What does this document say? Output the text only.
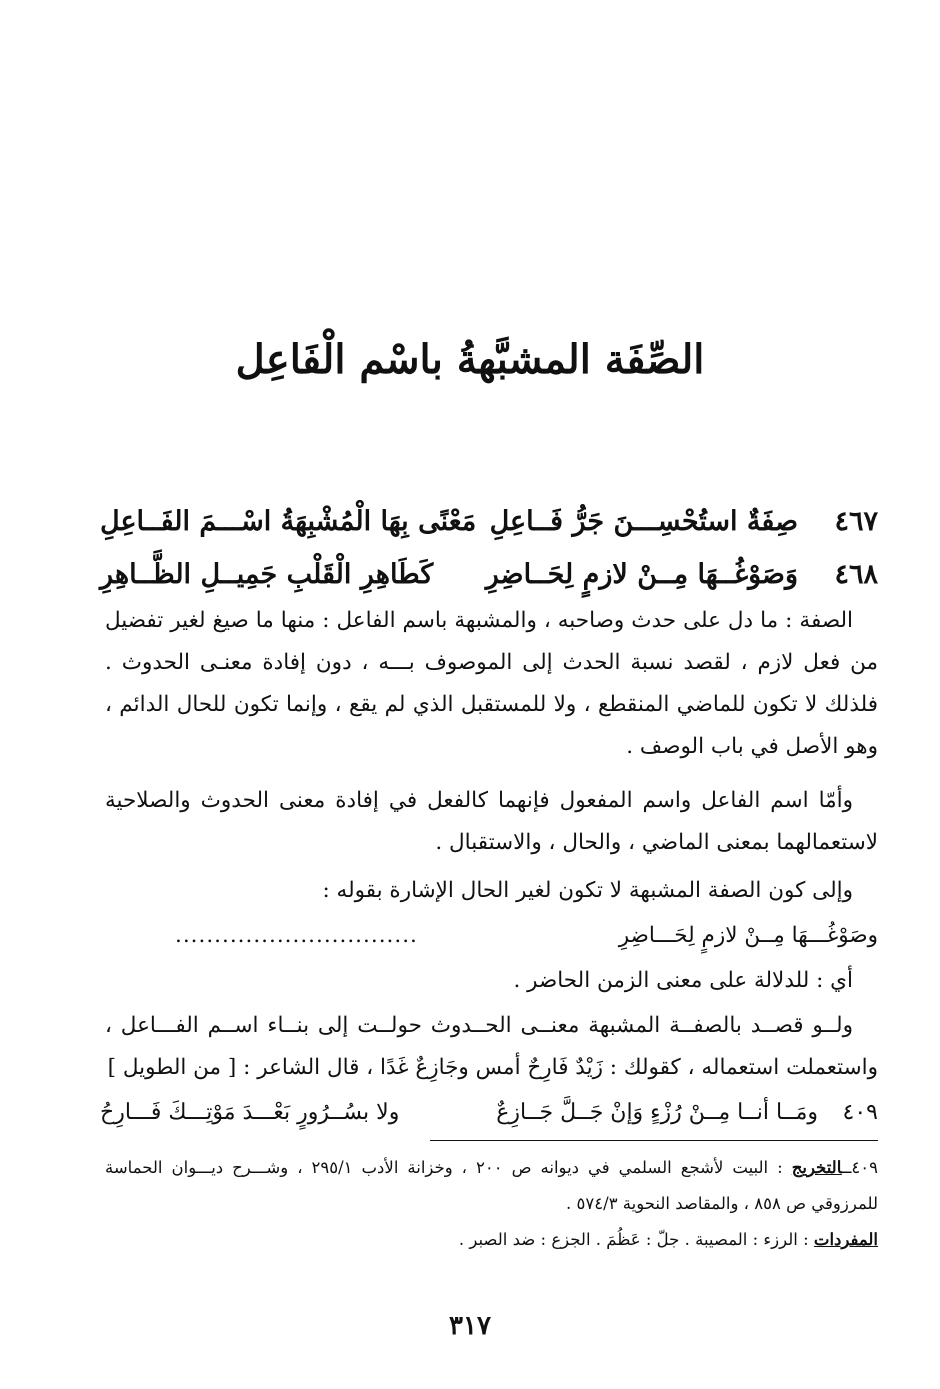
الصِّفَة المشبَّهةُ باسْم الْفَاعِل
٤٦٧
صِفَةٌ استُحْسِـــنَ جَرُّ فَــاعِلِ
مَعْنًى بِهَا الْمُشْبِهَةُ اسْـــمَ الفَــاعِلِ
٤٦٨
وَصَوْغُــهَا مِــنْ لازمٍ لِحَــاضِرِ
كَطَاهِرِ الْقَلْبِ جَمِيــلِ الظَّــاهِرِ
الصفة : ما دل على حدث وصاحبه ، والمشبهة باسم الفاعل : منها ما صيغ لغير تفضيل من فعل لازم ، لقصد نسبة الحدث إلى الموصوف بـــه ، دون إفادة معنـى الحدوث . فلذلك لا تكون للماضي المنقطع ، ولا للمستقبل الذي لم يقع ، وإنما تكون للحال الدائم ، وهو الأصل في باب الوصف .
وأمّا اسم الفاعل واسم المفعول فإنهما كالفعل في إفادة معنى الحدوث والصلاحية لاستعمالهما بمعنى الماضي ، والحال ، والاستقبال .
وإلى كون الصفة المشبهة لا تكون لغير الحال الإشارة بقوله :
وصَوْغُـــهَا مِــنْ لازمٍ لِحَـــاضِرِ
...............................
أي : للدلالة على معنى الزمن الحاضر .
ولــو قصــد بالصفــة المشبهة معنــى الحــدوث حولــت إلى بنــاء اســم الفـــاعل ، واستعملت استعماله ، كقولك : زَيْدٌ فَارِحٌ أمس وجَازِعٌ غَدًا ، قال الشاعر : [ من الطويل ]
٤٠٩
ومَــا أنــا مِــنْ رُزْءٍ وَإنْ جَــلَّ جَــازِعٌ
ولا بسُــرُورٍ بَعْـــدَ مَوْتِـــكَ فَـــارِحُ
٤٠٩ــالتخريج : البيت لأشجع السلمي في ديوانه ص ٢٠٠ ، وخزانة الأدب ٢٩٥/١ ، وشـــرح ديـــوان الحماسة للمرزوقي ص ٨٥٨ ، والمقاصد النحوية ٥٧٤/٣ .
المفردات : الرزء : المصيبة . جلّ : عَظُمَ . الجزع : ضد الصبر .
٣١٧
